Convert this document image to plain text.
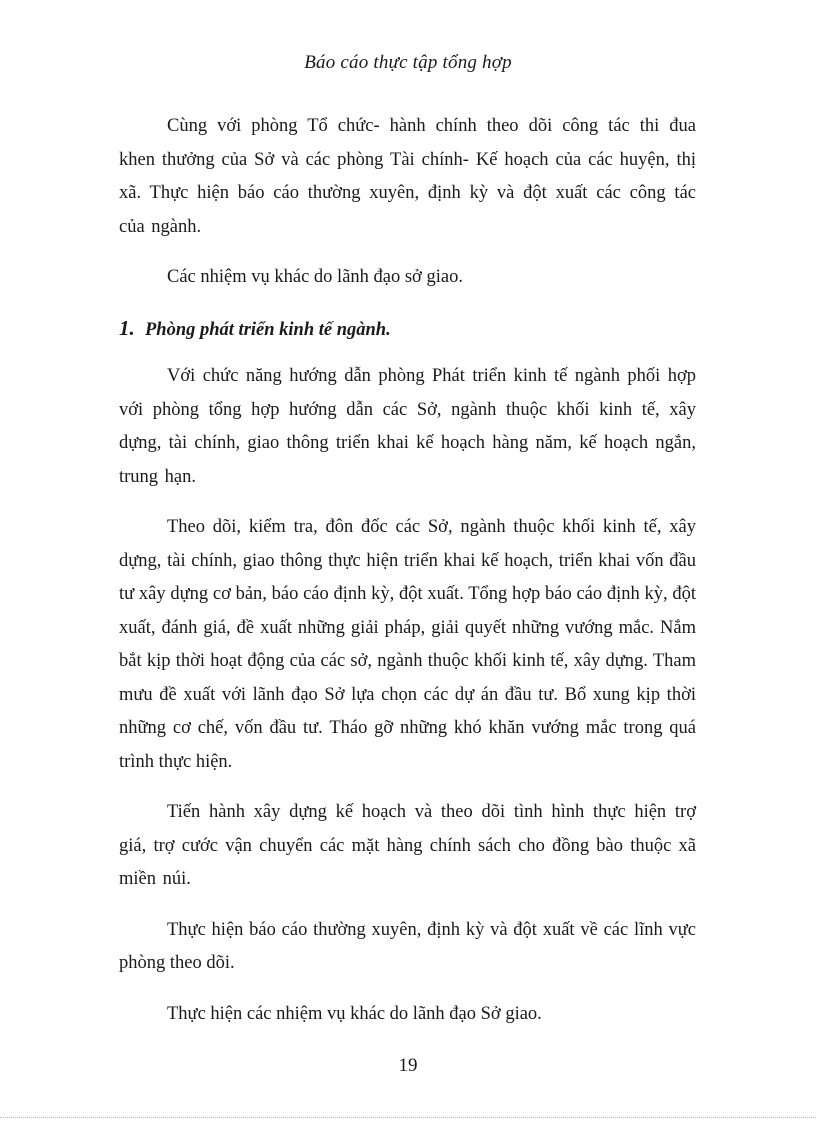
Báo cáo thực tập tổng hợp

Cùng với phòng Tổ chức- hành chính theo dõi công tác thi đua khen thưởng của Sở và các phòng Tài chính- Kế hoạch của các huyện, thị xã. Thực hiện báo cáo thường xuyên, định kỳ và đột xuất các công tác của ngành.

Các nhiệm vụ khác do lãnh đạo sở giao.

1. Phòng phát triển kinh tế ngành.

Với chức năng hướng dẫn phòng Phát triển kinh tế ngành phối hợp với phòng tổng hợp hướng dẫn các Sở, ngành thuộc khối kinh tế, xây dựng, tài chính, giao thông triển khai kế hoạch hàng năm, kế hoạch ngắn, trung hạn.

Theo dõi, kiểm tra, đôn đốc các Sở, ngành thuộc khối kinh tế, xây dựng, tài chính, giao thông thực hiện triển khai kế hoạch, triển khai vốn đầu tư xây dựng cơ bản, báo cáo định kỳ, đột xuất. Tổng hợp báo cáo định kỳ, đột xuất, đánh giá, đề xuất những giải pháp, giải quyết những vướng mắc. Nắm bắt kịp thời hoạt động của các sở, ngành thuộc khối kinh tế, xây dựng. Tham mưu đề xuất với lãnh đạo Sở lựa chọn các dự án đầu tư. Bổ xung kịp thời những cơ chế, vốn đầu tư. Tháo gỡ những khó khăn vướng mắc trong quá trình thực hiện.

Tiến hành xây dựng kế hoạch và theo dõi tình hình thực hiện trợ giá, trợ cước vận chuyển các mặt hàng chính sách cho đồng bào thuộc xã miền núi.

Thực hiện báo cáo thường xuyên, định kỳ và đột xuất về các lĩnh vực phòng theo dõi.

Thực hiện các nhiệm vụ khác do lãnh đạo Sở giao.

19
